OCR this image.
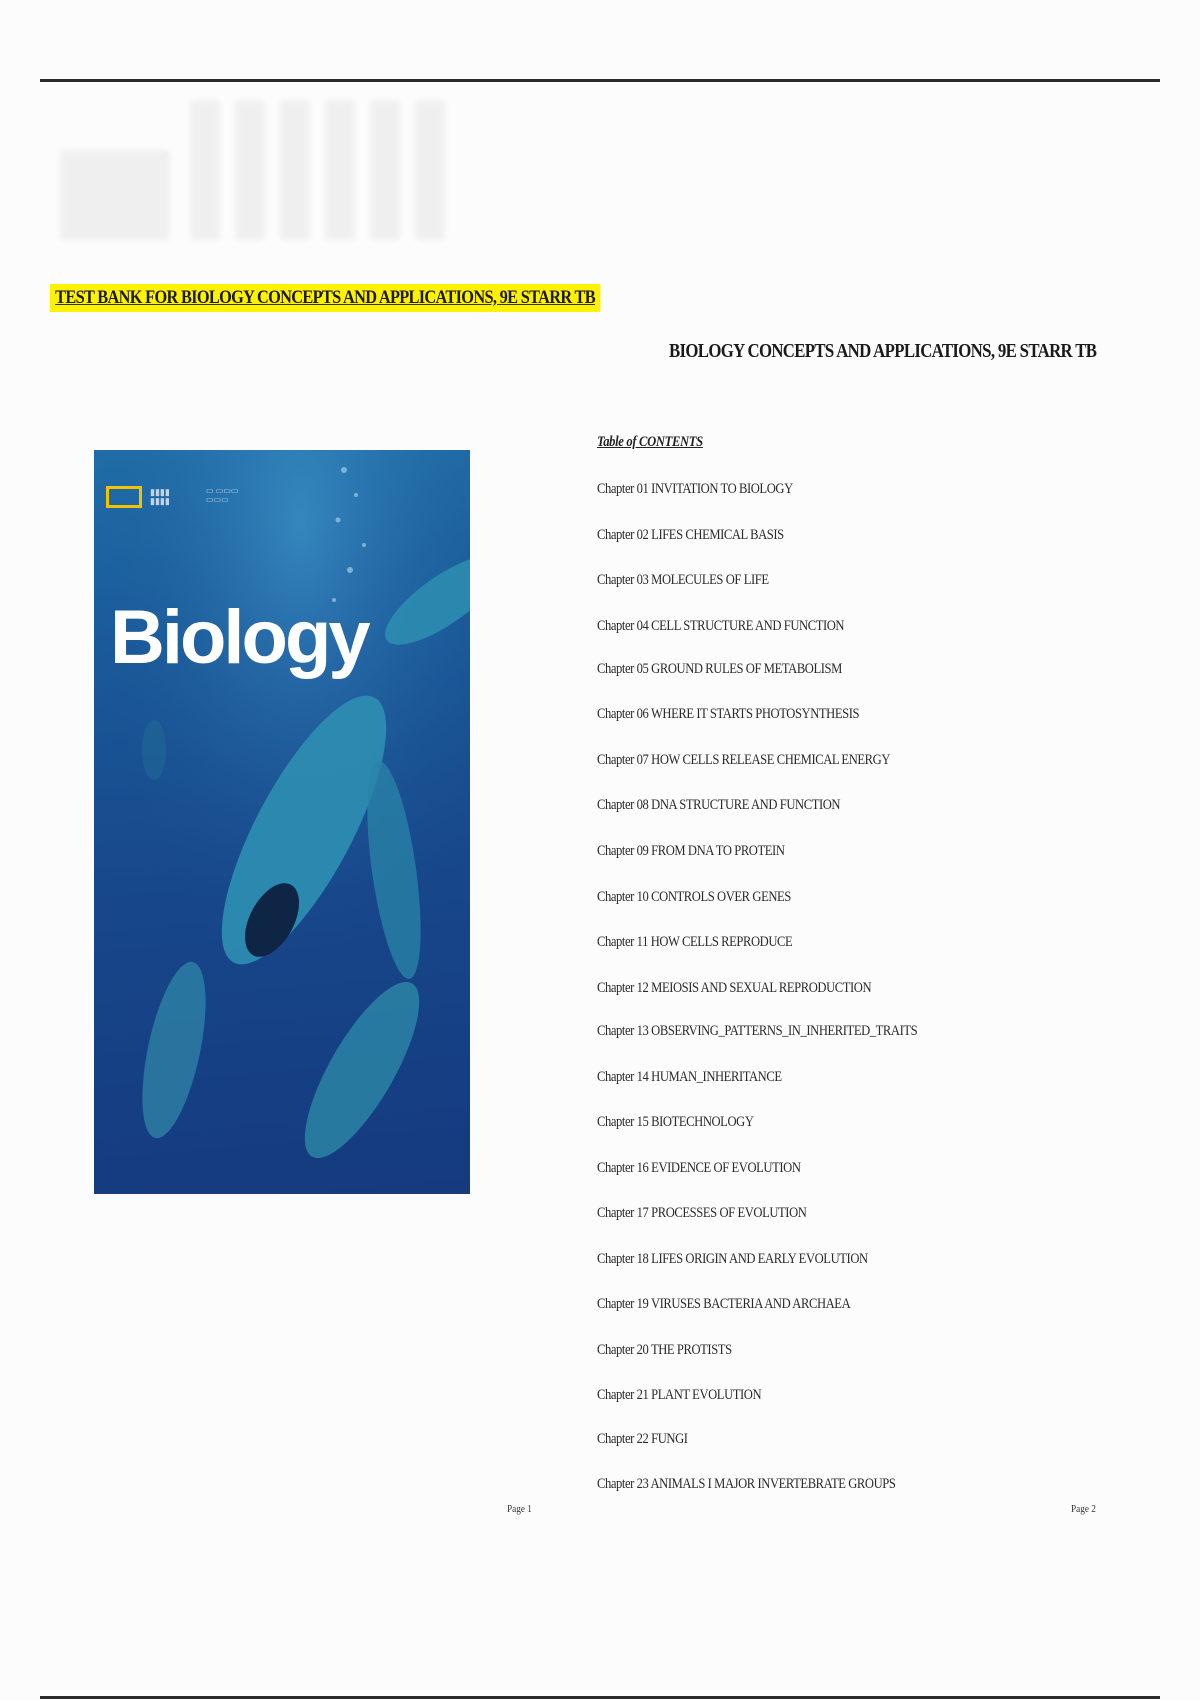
TEST BANK FOR BIOLOGY CONCEPTS AND APPLICATIONS, 9E STARR TB
BIOLOGY CONCEPTS AND APPLICATIONS, 9E STARR TB
▮▮▮▮
▮▮▮▮
▭ ▭▭▭
▭▭▭
Biology
Table of CONTENTS
Chapter 01 INVITATION TO BIOLOGY
Chapter 02 LIFES CHEMICAL BASIS
Chapter 03 MOLECULES OF LIFE
Chapter 04 CELL STRUCTURE AND FUNCTION
Chapter 05 GROUND RULES OF METABOLISM
Chapter 06 WHERE IT STARTS PHOTOSYNTHESIS
Chapter 07 HOW CELLS RELEASE CHEMICAL ENERGY
Chapter 08 DNA STRUCTURE AND FUNCTION
Chapter 09 FROM DNA TO PROTEIN
Chapter 10 CONTROLS OVER GENES
Chapter 11 HOW CELLS REPRODUCE
Chapter 12 MEIOSIS AND SEXUAL REPRODUCTION
Chapter 13 OBSERVING_PATTERNS_IN_INHERITED_TRAITS
Chapter 14 HUMAN_INHERITANCE
Chapter 15 BIOTECHNOLOGY
Chapter 16 EVIDENCE OF EVOLUTION
Chapter 17 PROCESSES OF EVOLUTION
Chapter 18 LIFES ORIGIN AND EARLY EVOLUTION
Chapter 19 VIRUSES BACTERIA AND ARCHAEA
Chapter 20 THE PROTISTS
Chapter 21 PLANT EVOLUTION
Chapter 22 FUNGI
Chapter 23 ANIMALS I MAJOR INVERTEBRATE GROUPS
Page 1	Page 2
